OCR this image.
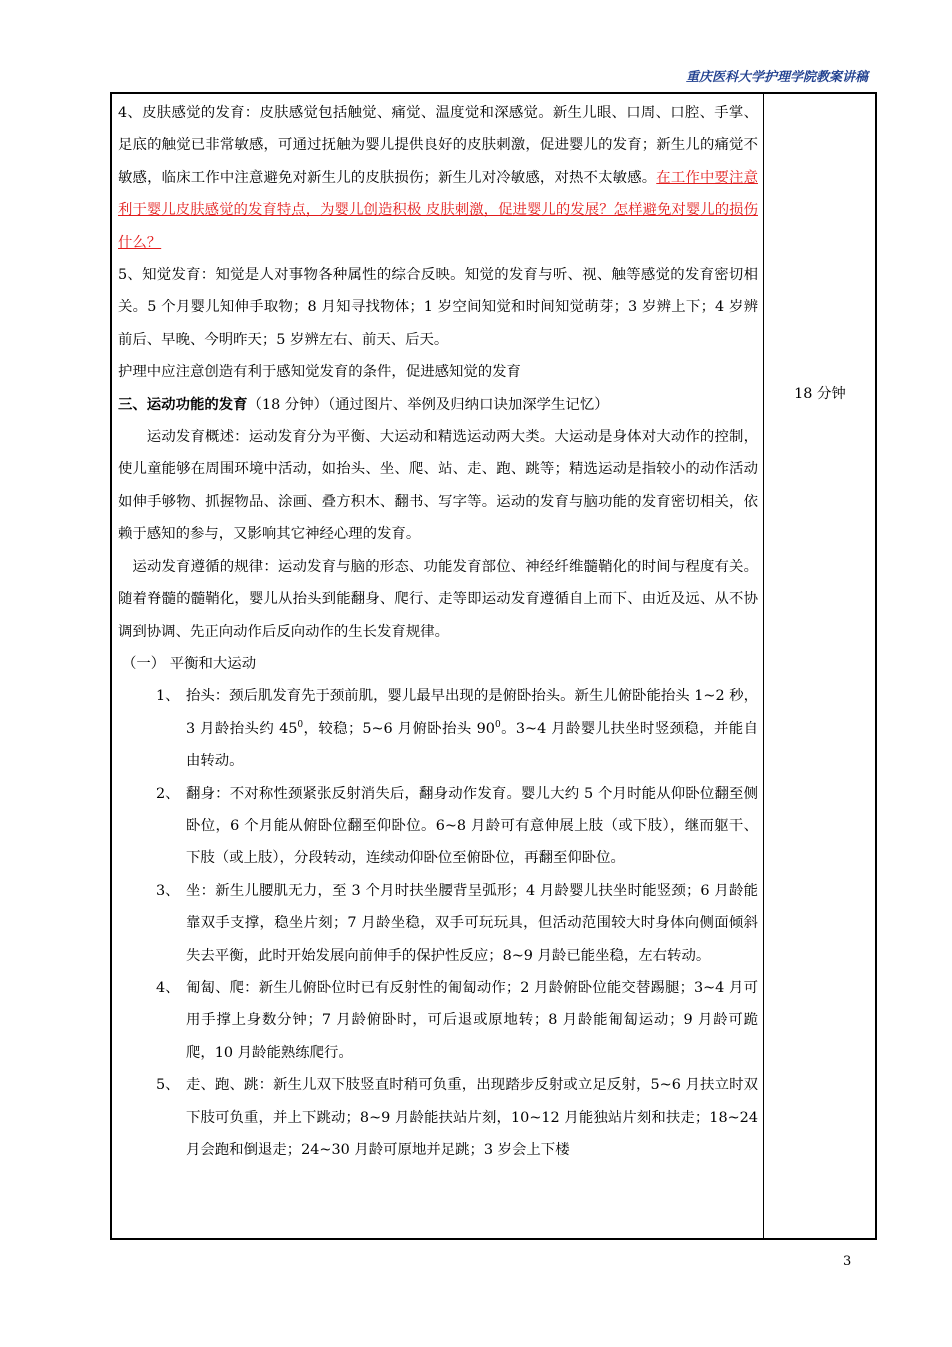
重庆医科大学护理学院教案讲稿

4、皮肤感觉的发育：皮肤感觉包括触觉、痛觉、温度觉和深感觉。新生儿眼、口周、口腔、手掌、足底的触觉已非常敏感，可通过抚触为婴儿提供良好的皮肤刺激，促进婴儿的发育；新生儿的痛觉不敏感，临床工作中注意避免对新生儿的皮肤损伤；新生儿对冷敏感，对热不太敏感。在工作中要注意利于婴儿皮肤感觉的发育特点，为婴儿创造积极 皮肤刺激，促进婴儿的发展？怎样避免对婴儿的损伤什么？

5、知觉发育：知觉是人对事物各种属性的综合反映。知觉的发育与听、视、触等感觉的发育密切相关。5 个月婴儿知伸手取物；8 月知寻找物体；1 岁空间知觉和时间知觉萌芽；3 岁辨上下；4 岁辨前后、早晚、今明昨天；5 岁辨左右、前天、后天。

护理中应注意创造有利于感知觉发育的条件，促进感知觉的发育

三、运动功能的发育（18 分钟）（通过图片、举例及归纳口诀加深学生记忆）

运动发育概述：运动发育分为平衡、大运动和精选运动两大类。大运动是身体对大动作的控制，使儿童能够在周围环境中活动，如抬头、坐、爬、站、走、跑、跳等；精选运动是指较小的动作活动如伸手够物、抓握物品、涂画、叠方积木、翻书、写字等。运动的发育与脑功能的发育密切相关，依赖于感知的参与，又影响其它神经心理的发育。

运动发育遵循的规律：运动发育与脑的形态、功能发育部位、神经纤维髓鞘化的时间与程度有关。随着脊髓的髓鞘化，婴儿从抬头到能翻身、爬行、走等即运动发育遵循自上而下、由近及远、从不协调到协调、先正向动作后反向动作的生长发育规律。

（一） 平衡和大运动

1、 抬头：颈后肌发育先于颈前肌，婴儿最早出现的是俯卧抬头。新生儿俯卧能抬头 1~2 秒，3 月龄抬头约 $45^0$，较稳；5~6 月俯卧抬头 $90^0$。3~4 月龄婴儿扶坐时竖颈稳，并能自由转动。
2、 翻身：不对称性颈紧张反射消失后，翻身动作发育。婴儿大约 5 个月时能从仰卧位翻至侧卧位，6 个月能从俯卧位翻至仰卧位。6~8 月龄可有意伸展上肢（或下肢），继而躯干、下肢（或上肢），分段转动，连续动仰卧位至俯卧位，再翻至仰卧位。
3、 坐：新生儿腰肌无力，至 3 个月时扶坐腰背呈弧形；4 月龄婴儿扶坐时能竖颈；6 月龄能靠双手支撑，稳坐片刻；7 月龄坐稳，双手可玩玩具，但活动范围较大时身体向侧面倾斜失去平衡，此时开始发展向前伸手的保护性反应；8~9 月龄已能坐稳，左右转动。
4、 匍匐、爬：新生儿俯卧位时已有反射性的匍匐动作；2 月龄俯卧位能交替踢腿；3~4 月可用手撑上身数分钟；7 月龄俯卧时，可后退或原地转；8 月龄能匍匐运动；9 月龄可跪爬，10 月龄能熟练爬行。
5、 走、跑、跳：新生儿双下肢竖直时稍可负重，出现踏步反射或立足反射，5~6 月扶立时双下肢可负重，并上下跳动；8~9 月龄能扶站片刻，10~12 月能独站片刻和扶走；18~24 月会跑和倒退走；24~30 月龄可原地并足跳；3 岁会上下楼
18 分钟
3
